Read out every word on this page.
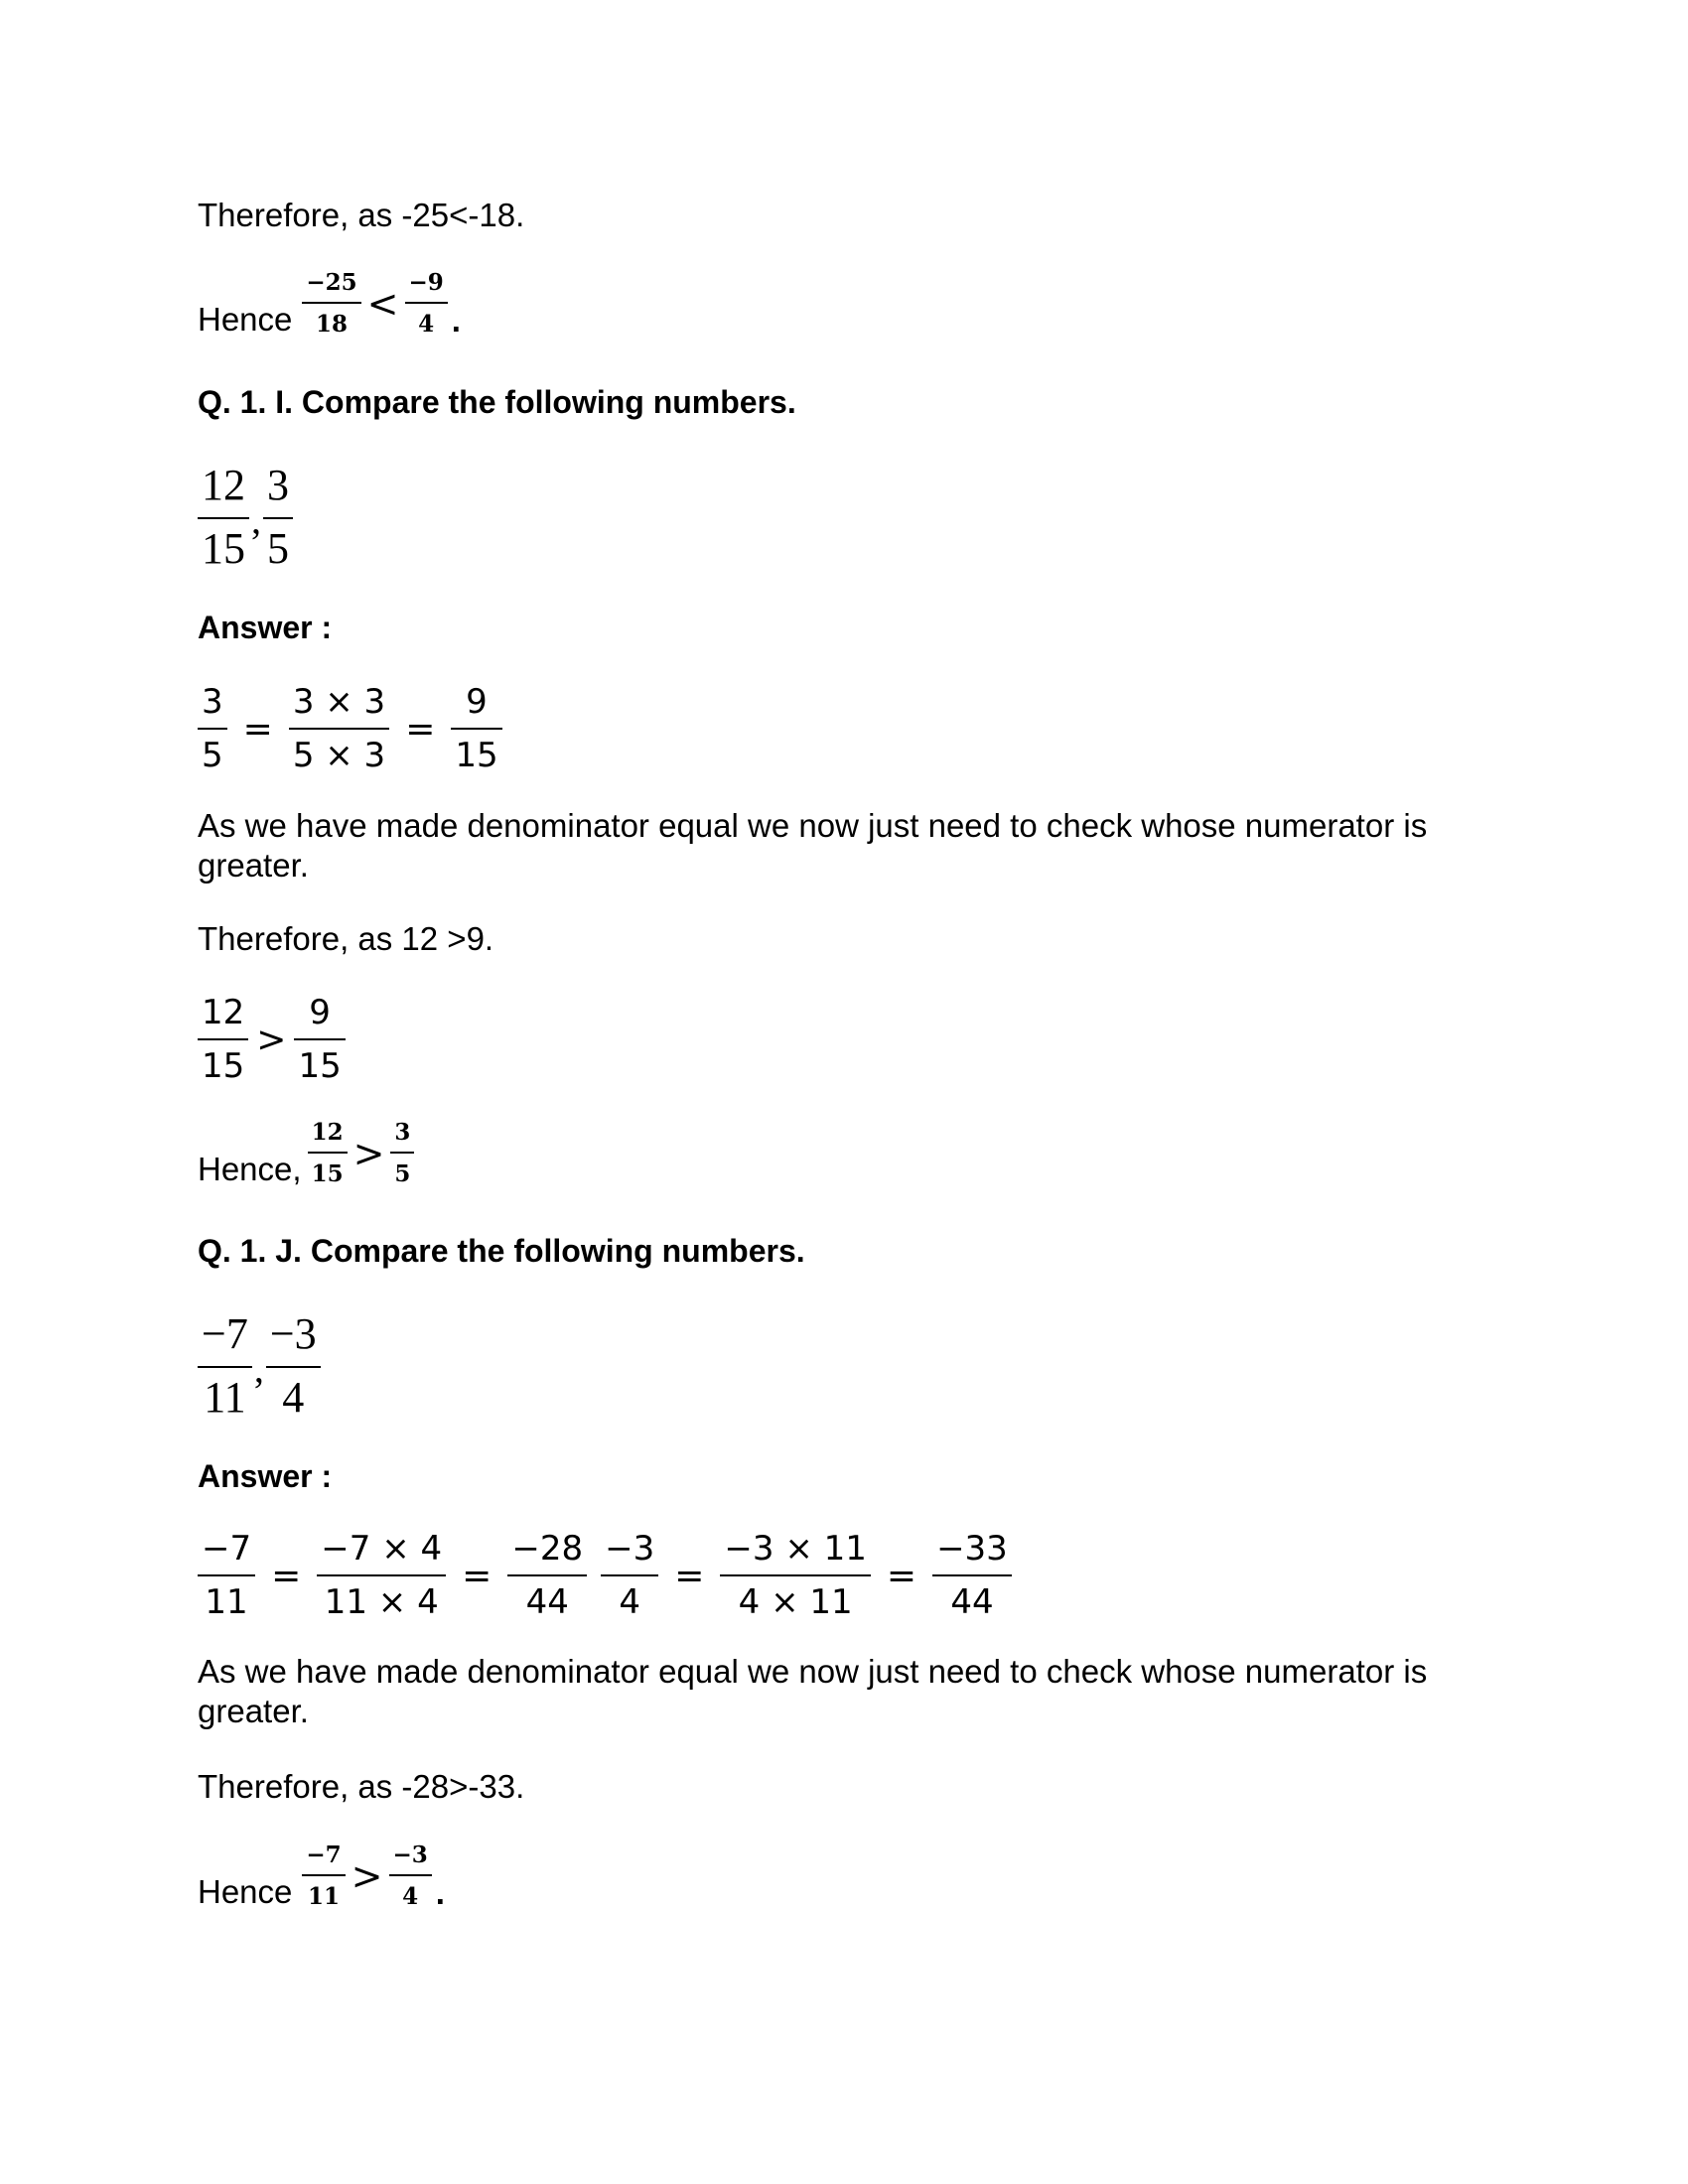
Therefore, as -25<-18.
Hence $\frac{-25}{18} < \frac{-9}{4}$ .
Q. 1. I. Compare the following numbers.
$\frac{12}{15}$ , $\frac{3}{5}$
Answer :
$\frac{3}{5} = \frac{3 \times 3}{5 \times 3} = \frac{9}{15}$
As we have made denominator equal we now just need to check whose numerator is greater.
Therefore, as 12 >9.
$\frac{12}{15} > \frac{9}{15}$
Hence, $\frac{12}{15} > \frac{3}{5}$
Q. 1. J. Compare the following numbers.
$\frac{-7}{11}$ , $\frac{-3}{4}$
Answer :
$\frac{-7}{11} = \frac{-7 \times 4}{11 \times 4} = \frac{-28}{44} \frac{-3}{4} = \frac{-3 \times 11}{4 \times 11} = \frac{-33}{44}$
As we have made denominator equal we now just need to check whose numerator is greater.
Therefore, as -28>-33.
Hence $\frac{-7}{11} > \frac{-3}{4}$ .
